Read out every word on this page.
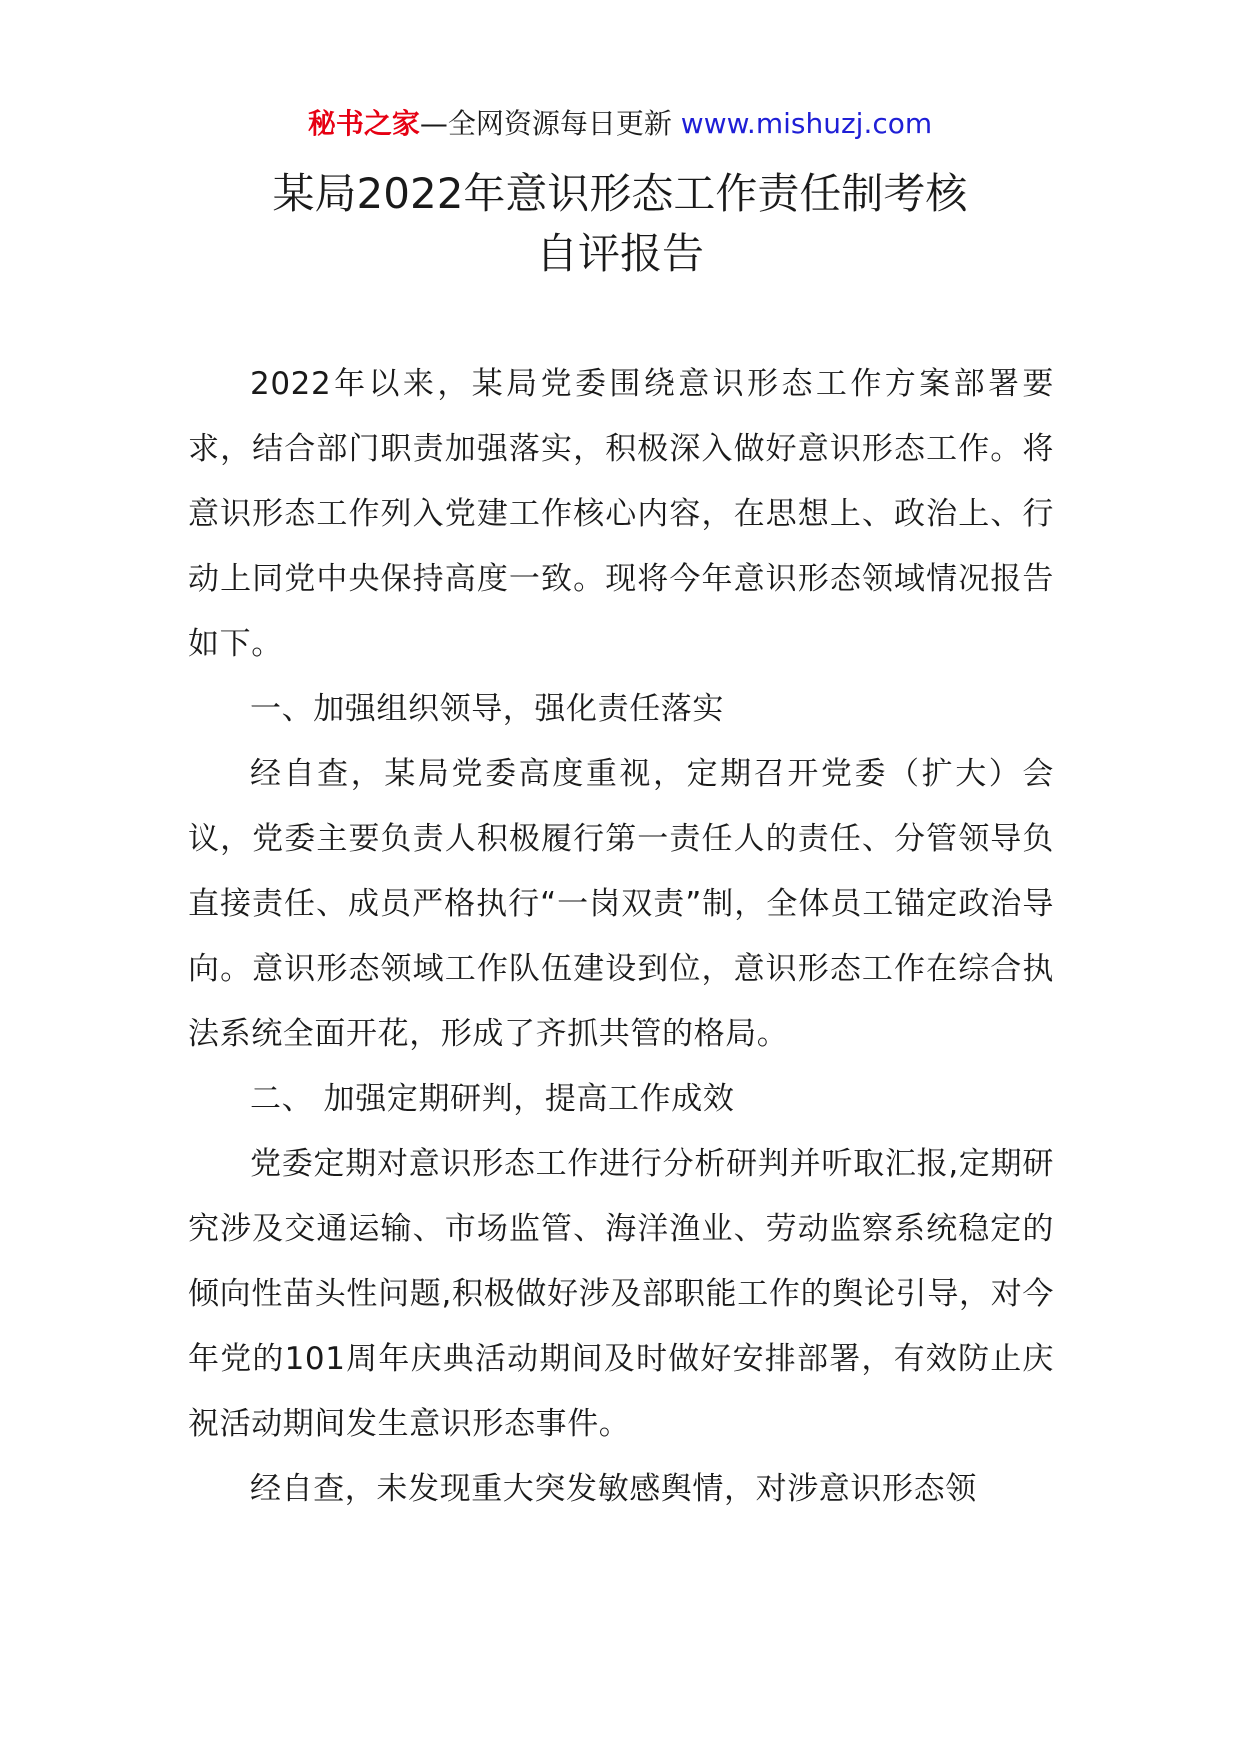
秘书之家—全网资源每日更新 www.mishuzj.com
某局2022年意识形态工作责任制考核
自评报告

2022年以来，某局党委围绕意识形态工作方案部署要求，结合部门职责加强落实，积极深入做好意识形态工作。将意识形态工作列入党建工作核心内容，在思想上、政治上、行动上同党中央保持高度一致。现将今年意识形态领域情况报告如下。

一、加强组织领导，强化责任落实

经自查，某局党委高度重视，定期召开党委（扩大）会议，党委主要负责人积极履行第一责任人的责任、分管领导负直接责任、成员严格执行“一岗双责”制，全体员工锚定政治导向。意识形态领域工作队伍建设到位，意识形态工作在综合执法系统全面开花，形成了齐抓共管的格局。

二、 加强定期研判，提高工作成效

党委定期对意识形态工作进行分析研判并听取汇报,定期研究涉及交通运输、市场监管、海洋渔业、劳动监察系统稳定的倾向性苗头性问题,积极做好涉及部职能工作的舆论引导，对今年党的101周年庆典活动期间及时做好安排部署，有效防止庆祝活动期间发生意识形态事件。

经自查，未发现重大突发敏感舆情，对涉意识形态领
